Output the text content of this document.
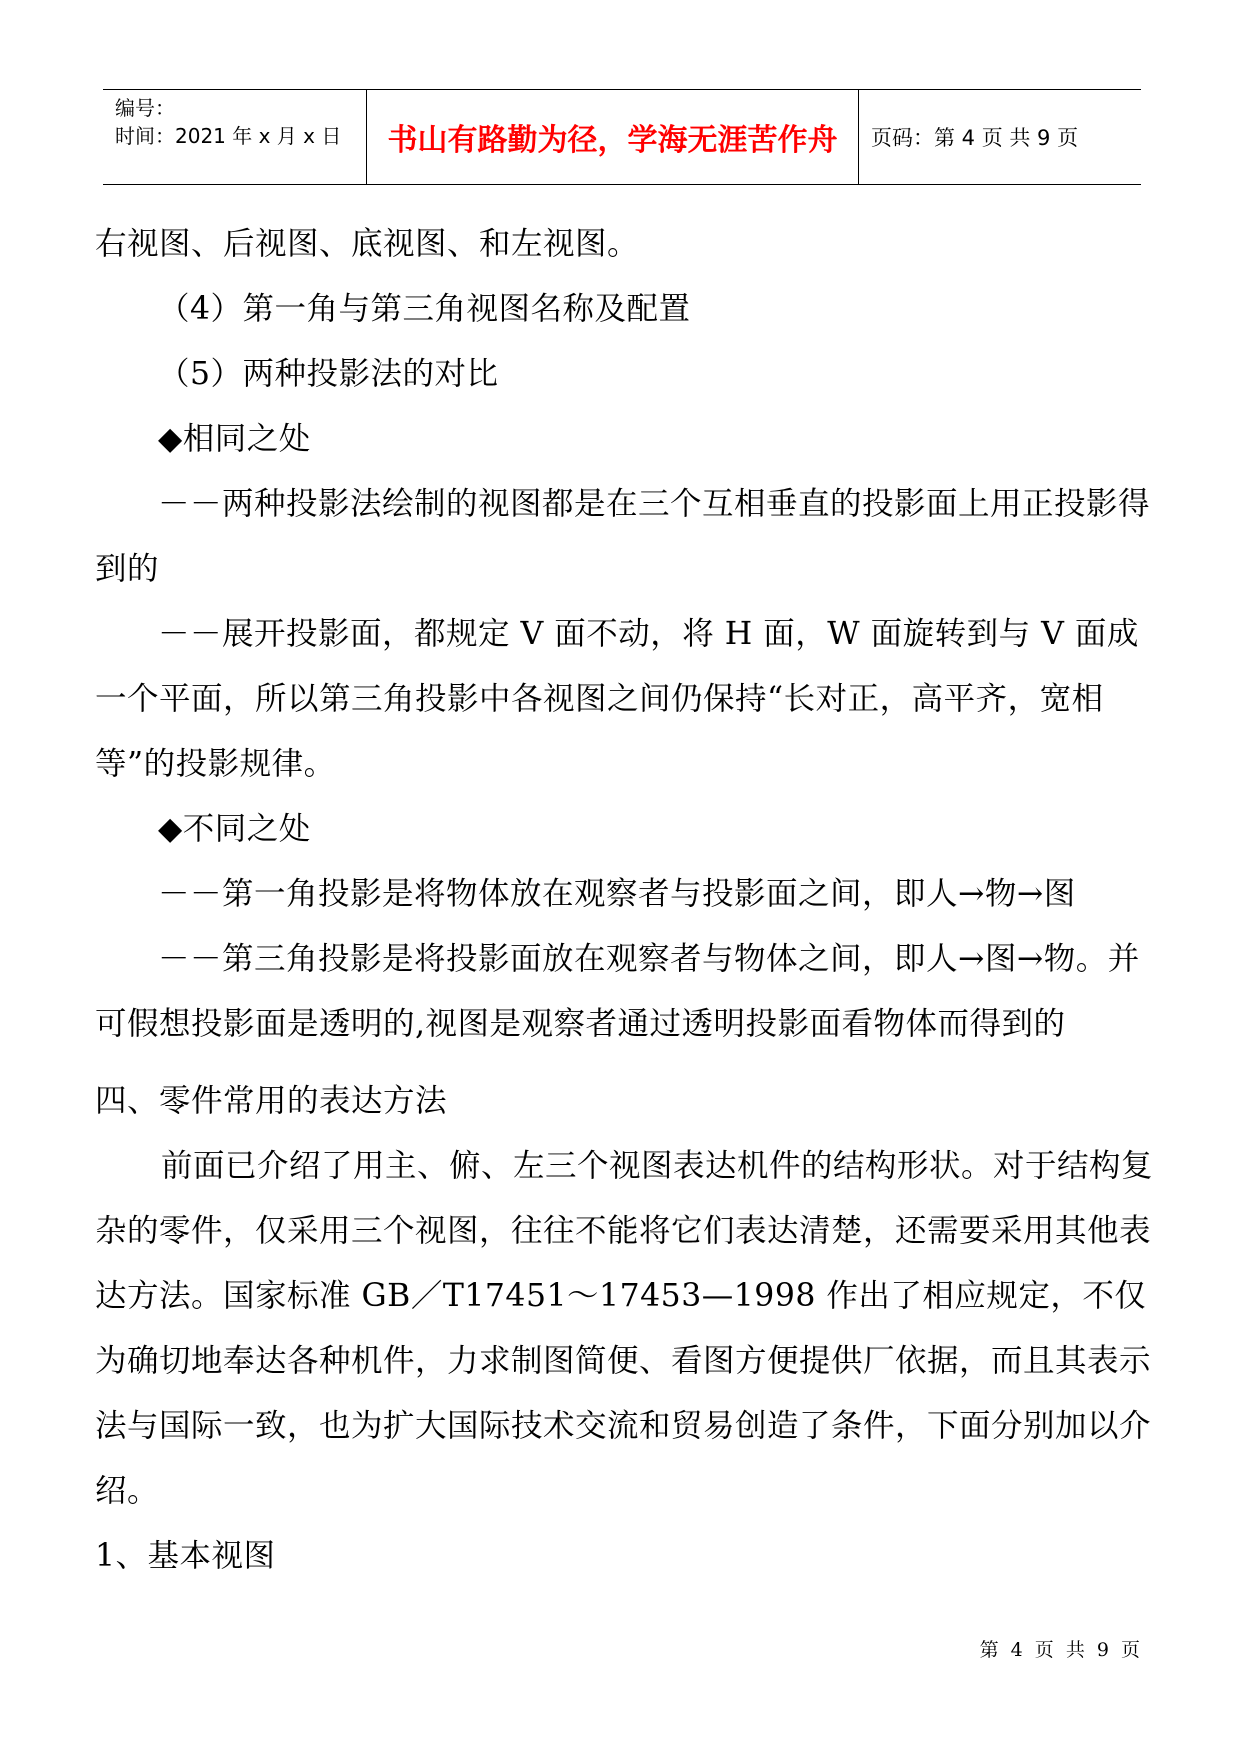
编号：
时间：2021 年 x 月 x 日	书山有路勤为径，学海无涯苦作舟	页码：第 4 页 共 9 页

右视图、后视图、底视图、和左视图。

（4）第一角与第三角视图名称及配置

（5）两种投影法的对比

◆相同之处

－－两种投影法绘制的视图都是在三个互相垂直的投影面上用正投影得到的

－－展开投影面，都规定 V 面不动，将 H 面，W 面旋转到与 V 面成一个平面，所以第三角投影中各视图之间仍保持“长对正，高平齐，宽相等”的投影规律。

◆不同之处

－－第一角投影是将物体放在观察者与投影面之间，即人→物→图

－－第三角投影是将投影面放在观察者与物体之间，即人→图→物。并可假想投影面是透明的,视图是观察者通过透明投影面看物体而得到的

四、零件常用的表达方法

前面已介绍了用主、俯、左三个视图表达机件的结构形状。对于结构复杂的零件，仅采用三个视图，往往不能将它们表达清楚，还需要采用其他表达方法。国家标准 GB／T17451～17453—1998 作出了相应规定，不仅为确切地奉达各种机件，力求制图简便、看图方便提供厂依据，而且其表示法与国际一致，也为扩大国际技术交流和贸易创造了条件，下面分别加以介绍。

1、基本视图

第 4 页 共 9 页
